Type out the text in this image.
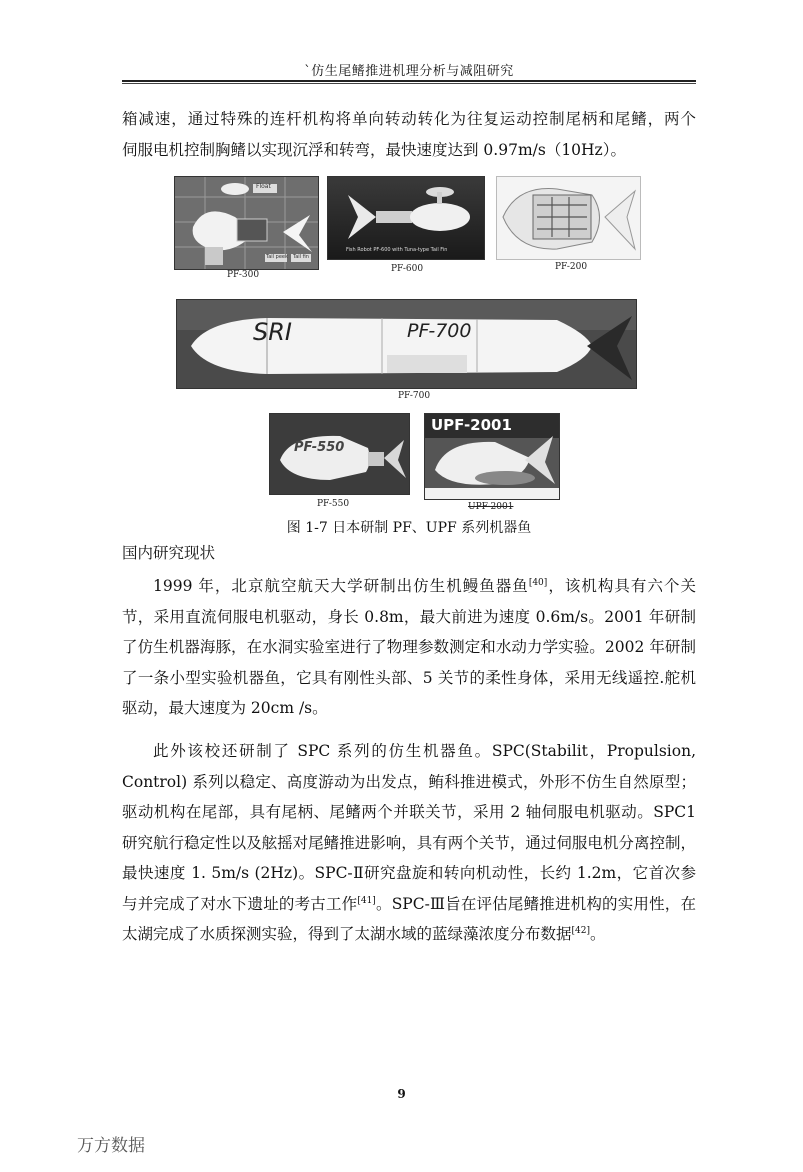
`仿生尾鳍推进机理分析与减阻研究

箱减速，通过特殊的连杆机构将单向转动转化为往复运动控制尾柄和尾鳍，两个

伺服电机控制胸鳍以实现沉浮和转弯，最快速度达到 0.97m/s（10Hz）。

Float
Tail peek Tail fin
PF-300
Fish Robot PF-600 with Tuna-type Tail Fin
PF-600	PF-200
SRI	PF-700
PF-700
PF-550
PF-550
UPF-2001
UPF-2001
图 1-7 日本研制 PF、UPF 系列机器鱼
国内研究现状

1999 年，北京航空航天大学研制出仿生机鳗鱼器鱼[40]，该机构具有六个关节，采用直流伺服电机驱动，身长 0.8m，最大前进为速度 0.6m/s。2001 年研制了仿生机器海豚，在水洞实验室进行了物理参数测定和水动力学实验。2002 年研制了一条小型实验机器鱼，它具有刚性头部、5 关节的柔性身体，采用无线遥控.舵机驱动，最大速度为 20cm /s。

此外该校还研制了 SPC 系列的仿生机器鱼。SPC(Stabilit，Propulsion, Control) 系列以稳定、高度游动为出发点，鲔科推进模式，外形不仿生自然原型；驱动机构在尾部，具有尾柄、尾鳍两个并联关节，采用 2 轴伺服电机驱动。SPC1 研究航行稳定性以及舷摇对尾鳍推进影响，具有两个关节，通过伺服电机分离控制，最快速度 1. 5m/s (2Hz)。SPC-Ⅱ研究盘旋和转向机动性，长约 1.2m，它首次参与并完成了对水下遗址的考古工作[41]。SPC-Ⅲ旨在评估尾鳍推进机构的实用性，在太湖完成了水质探测实验，得到了太湖水域的蓝绿藻浓度分布数据[42]。

9
万方数据
